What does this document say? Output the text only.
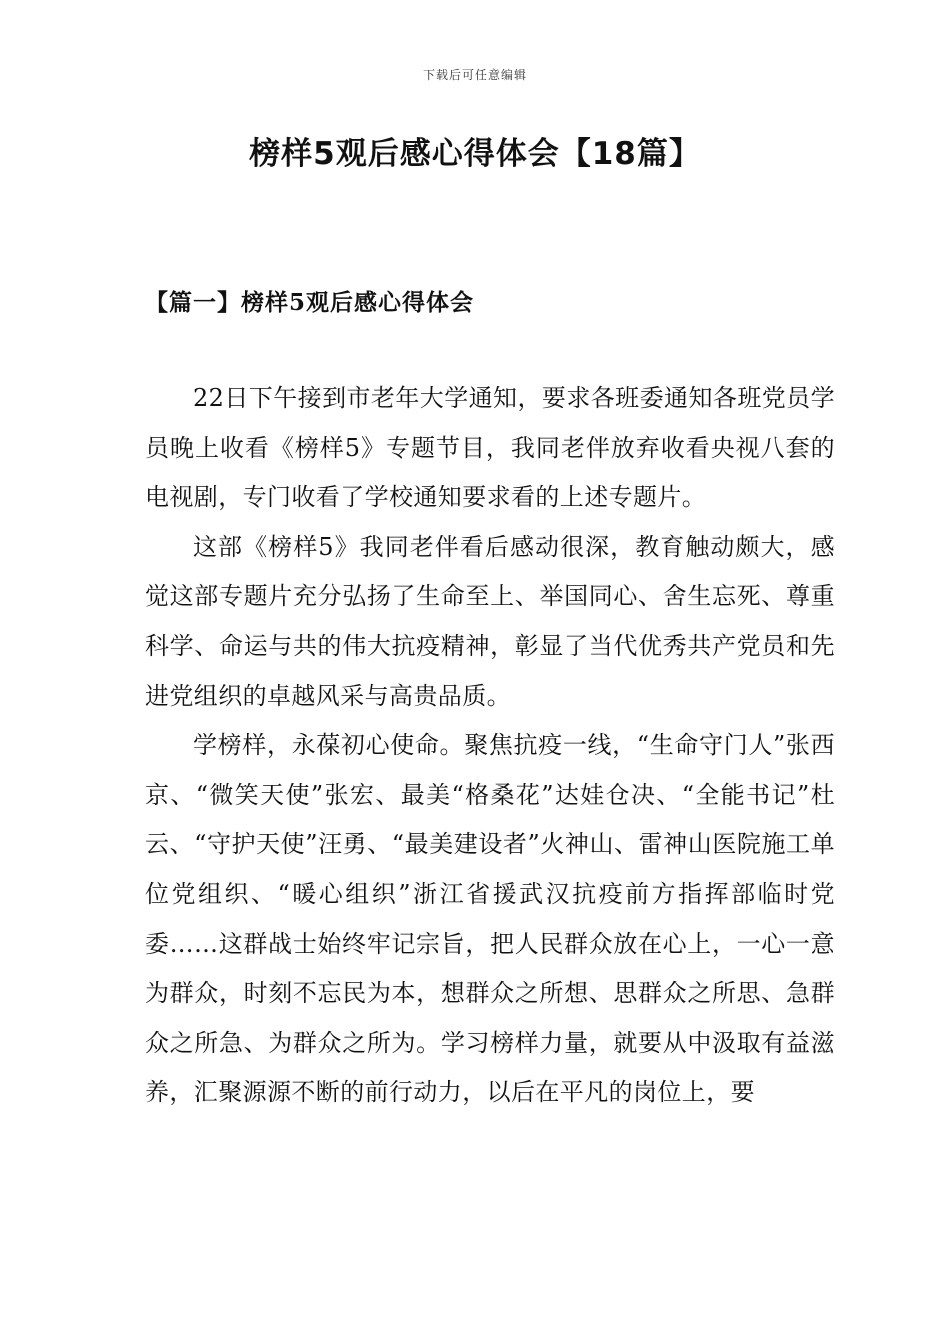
下载后可任意编辑
榜样5观后感心得体会【18篇】
【篇一】榜样5观后感心得体会

22日下午接到市老年大学通知，要求各班委通知各班党员学员晚上收看《榜样5》专题节目，我同老伴放弃收看央视八套的电视剧，专门收看了学校通知要求看的上述专题片。

这部《榜样5》我同老伴看后感动很深，教育触动颇大，感觉这部专题片充分弘扬了生命至上、举国同心、舍生忘死、尊重科学、命运与共的伟大抗疫精神，彰显了当代优秀共产党员和先进党组织的卓越风采与高贵品质。

学榜样，永葆初心使命。聚焦抗疫一线，“生命守门人”张西京、“微笑天使”张宏、最美“格桑花”达娃仓决、“全能书记”杜云、“守护天使”汪勇、“最美建设者”火神山、雷神山医院施工单位党组织、“暖心组织”浙江省援武汉抗疫前方指挥部临时党委……这群战士始终牢记宗旨，把人民群众放在心上，一心一意为群众，时刻不忘民为本，想群众之所想、思群众之所思、急群众之所急、为群众之所为。学习榜样力量，就要从中汲取有益滋养，汇聚源源不断的前行动力，以后在平凡的岗位上，要
